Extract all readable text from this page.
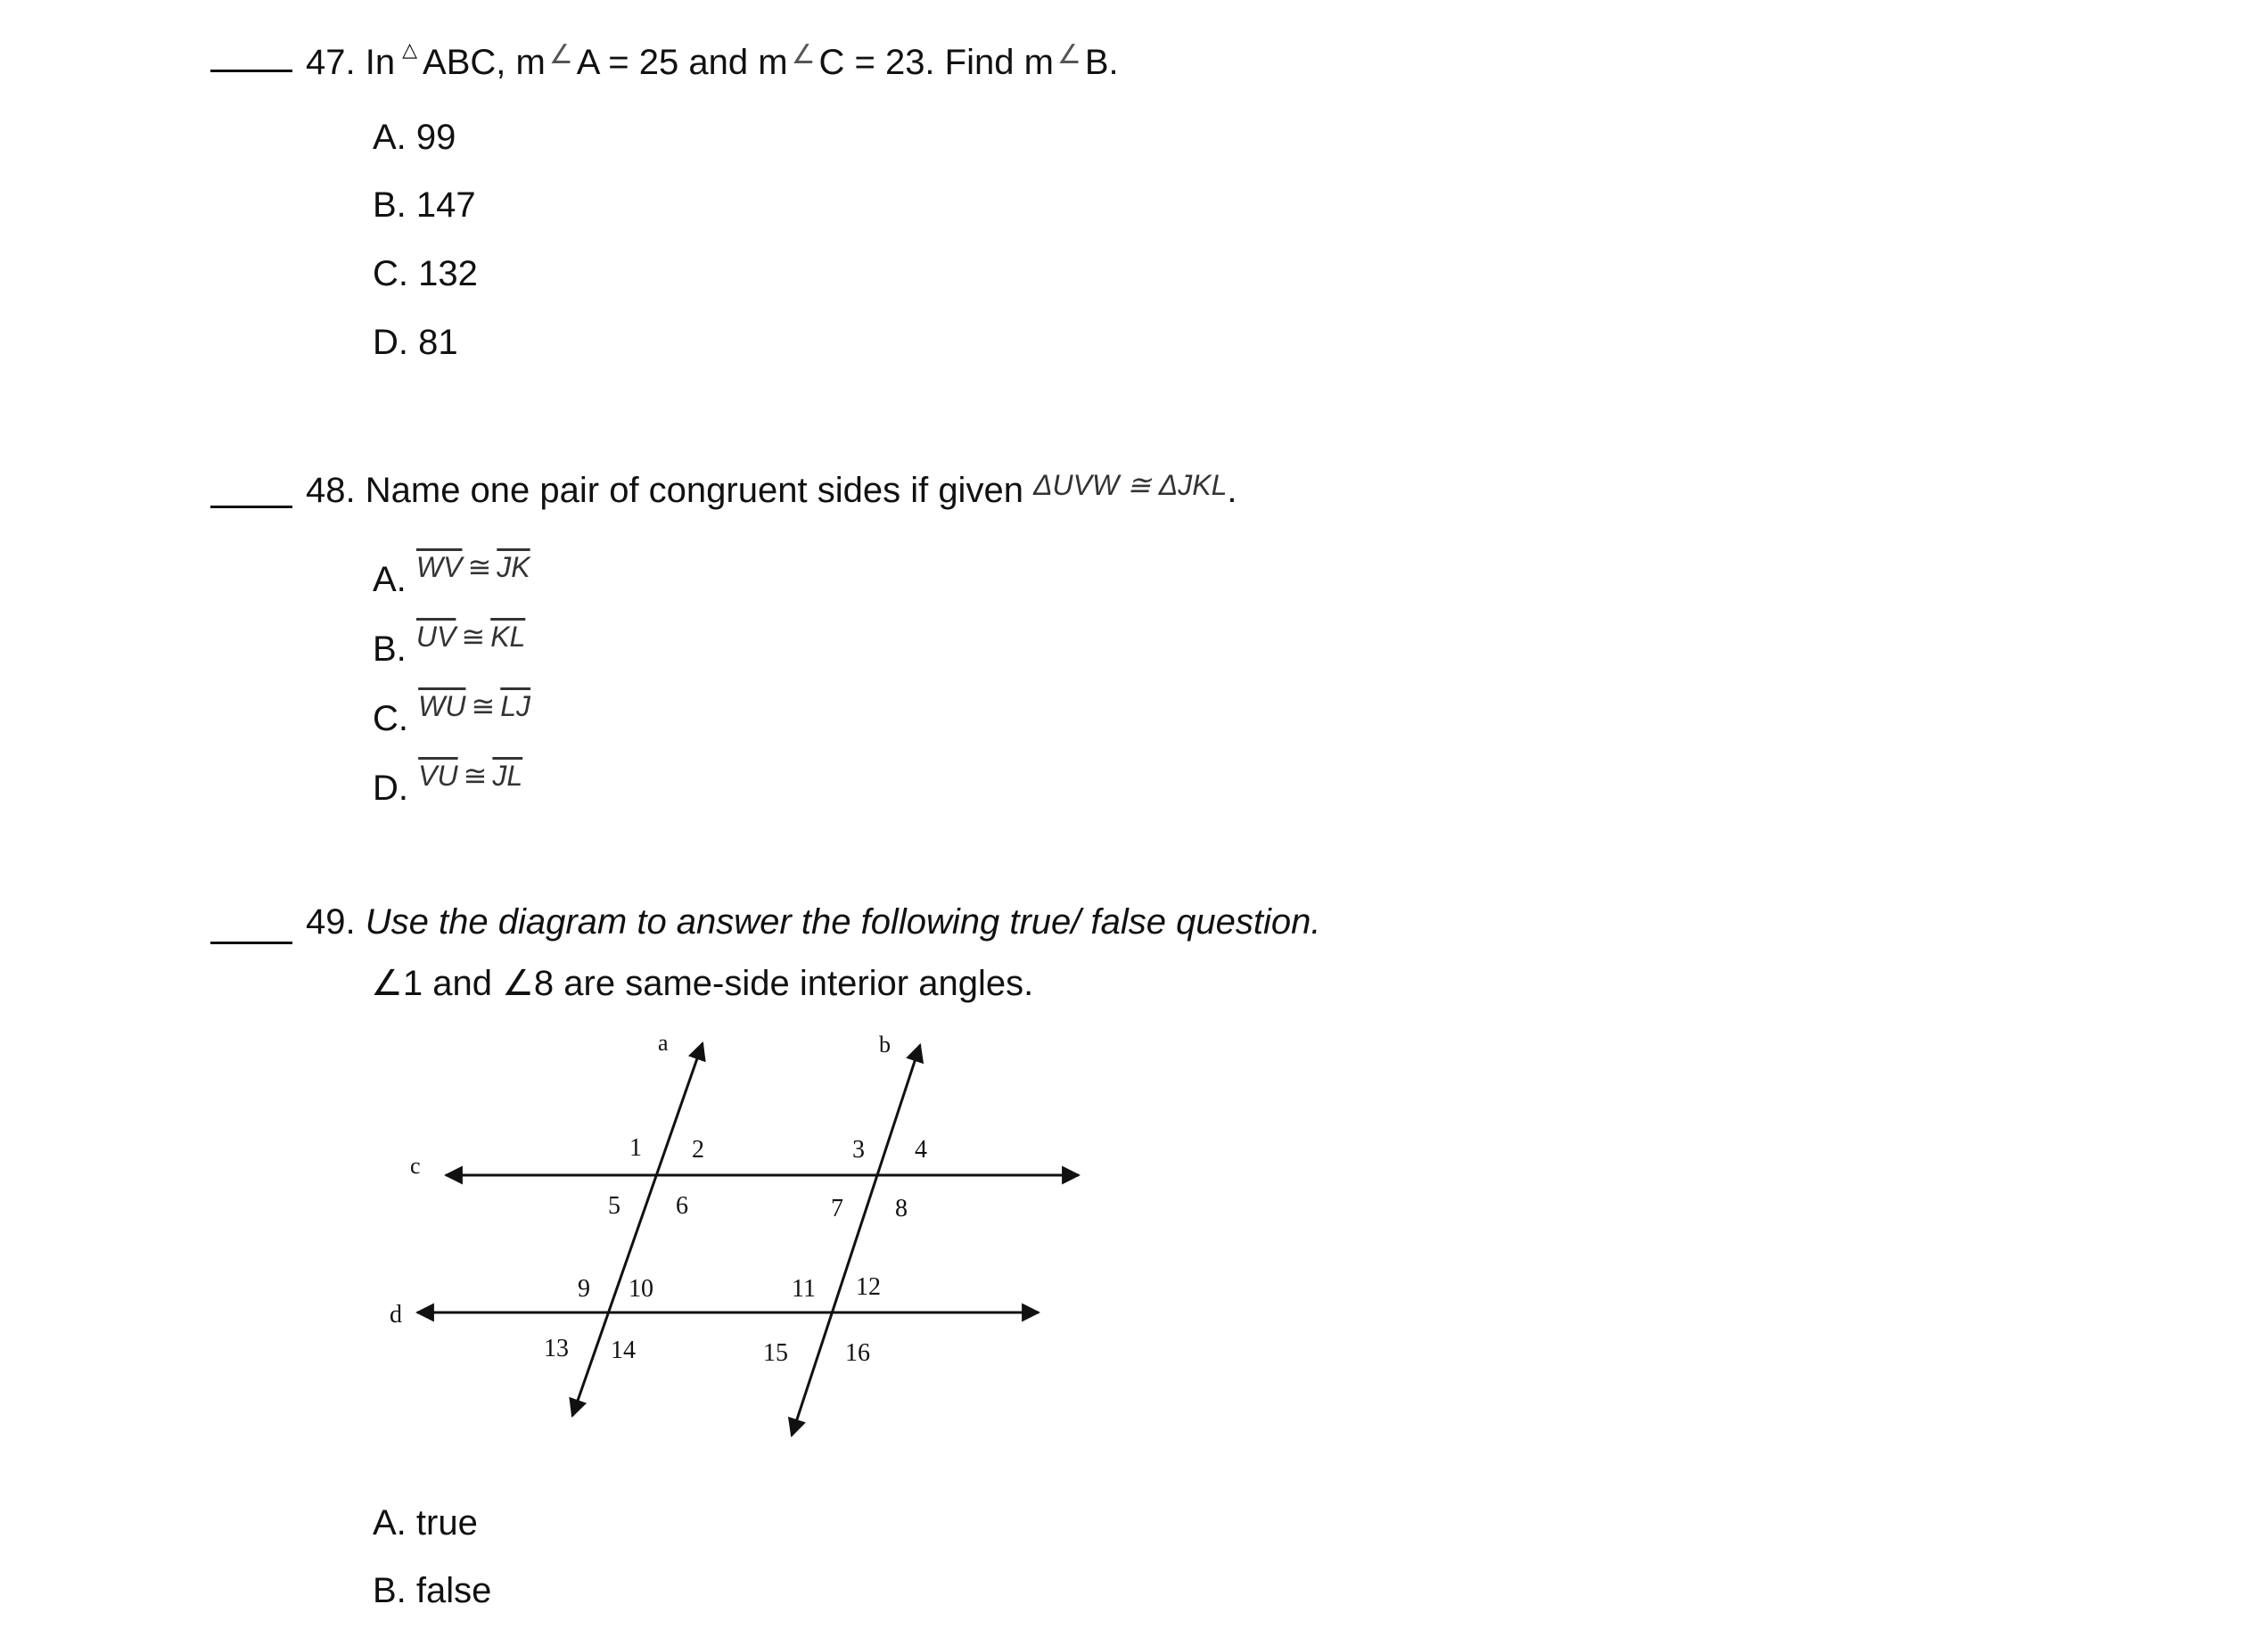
47. In △ ABC, m ∠ A = 25 and m ∠ C = 23. Find m ∠ B.
A. 99
B. 147
C. 132
D. 81
48. Name one pair of congruent sides if given $^{\Delta UVW ≅ \Delta JKL}$.
A. $^{\overline{WV} ≅ \overline{JK}}$
B. $^{\overline{UV} ≅ \overline{KL}}$
C. $^{\overline{WU} ≅ \overline{LJ}}$
D. $^{\overline{VU} ≅ \overline{JL}}$
49. Use the diagram to answer the following true/ false question.
∠1 and ∠8 are same-side interior angles.
a	b
c
d
1 2
5 6
3 4
7 8
9 10
13 14
11 12
15 16
A. true
B. false
